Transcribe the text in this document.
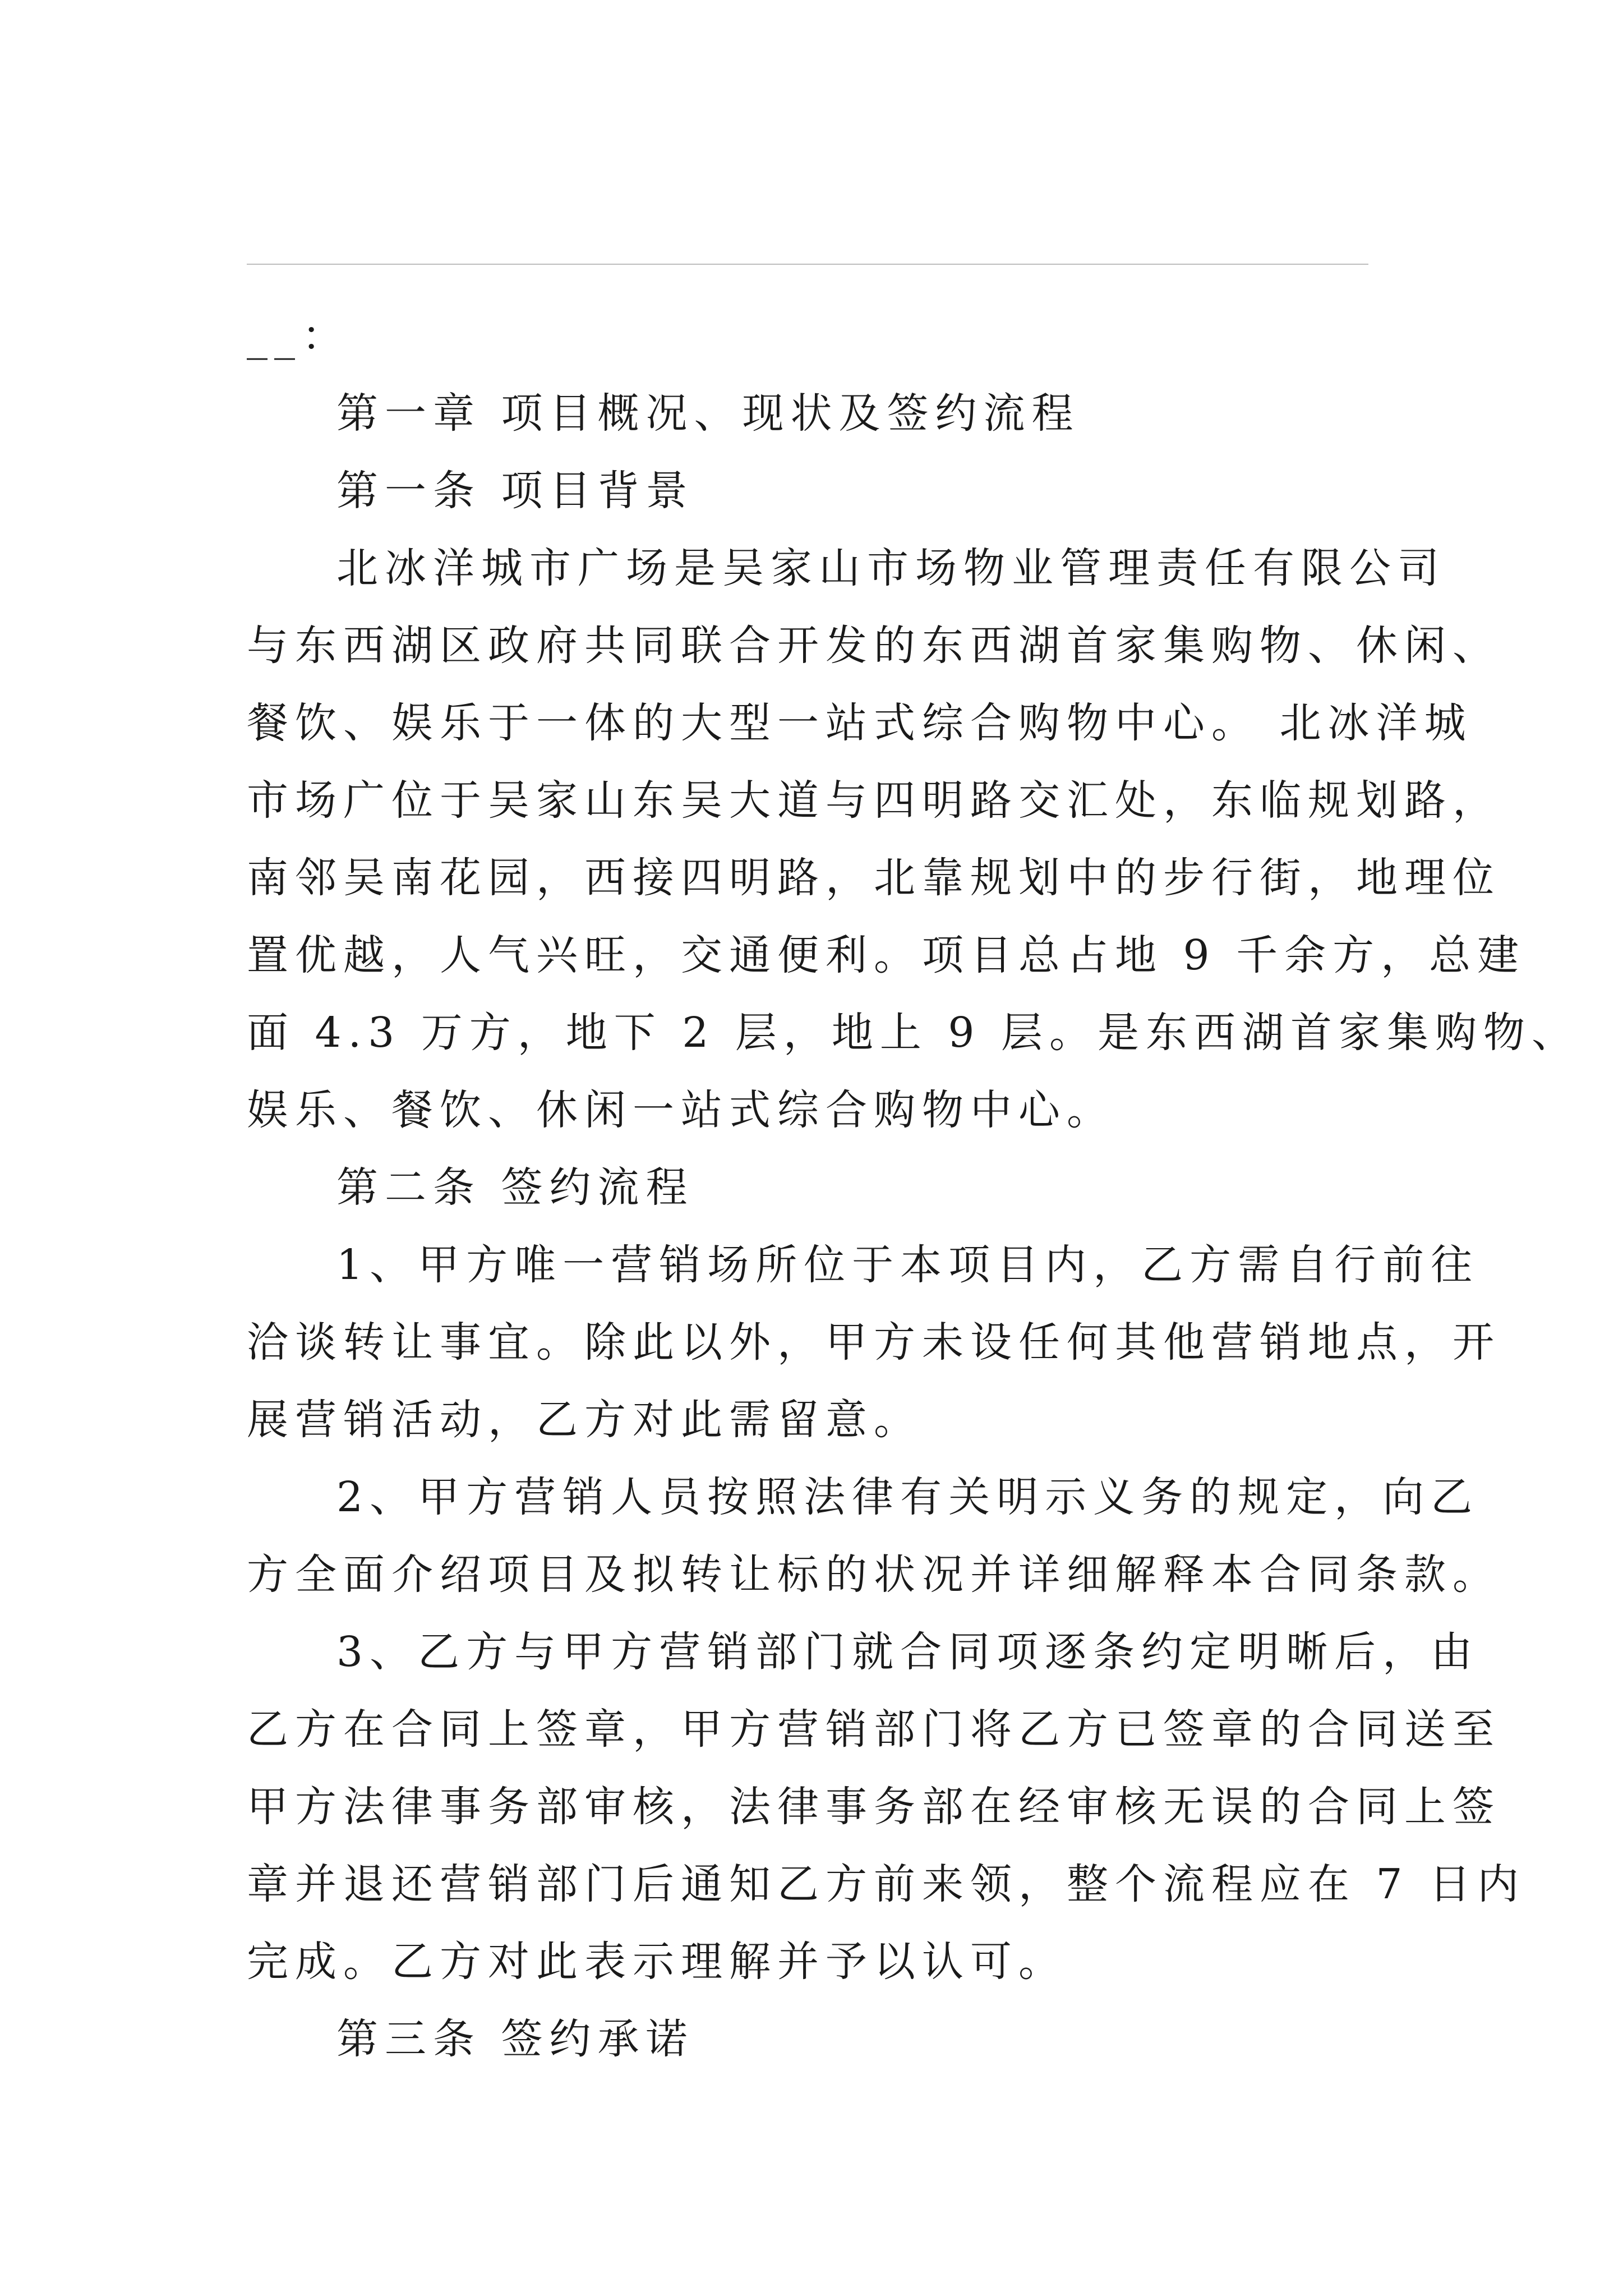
__：
第一章 项目概况、现状及签约流程
第一条 项目背景
北冰洋城市广场是吴家山市场物业管理责任有限公司
与东西湖区政府共同联合开发的东西湖首家集购物、休闲、
餐饮、娱乐于一体的大型一站式综合购物中心。 北冰洋城
市场广位于吴家山东吴大道与四明路交汇处，东临规划路，
南邻吴南花园，西接四明路，北靠规划中的步行街，地理位
置优越，人气兴旺，交通便利。项目总占地 9 千余方，总建
面 4.3 万方，地下 2 层，地上 9 层。是东西湖首家集购物、
娱乐、餐饮、休闲一站式综合购物中心。
第二条 签约流程
1、甲方唯一营销场所位于本项目内，乙方需自行前往
洽谈转让事宜。除此以外，甲方未设任何其他营销地点，开
展营销活动，乙方对此需留意。
2、甲方营销人员按照法律有关明示义务的规定，向乙
方全面介绍项目及拟转让标的状况并详细解释本合同条款。
3、乙方与甲方营销部门就合同项逐条约定明晰后，由
乙方在合同上签章，甲方营销部门将乙方已签章的合同送至
甲方法律事务部审核，法律事务部在经审核无误的合同上签
章并退还营销部门后通知乙方前来领，整个流程应在 7 日内
完成。乙方对此表示理解并予以认可。
第三条 签约承诺
